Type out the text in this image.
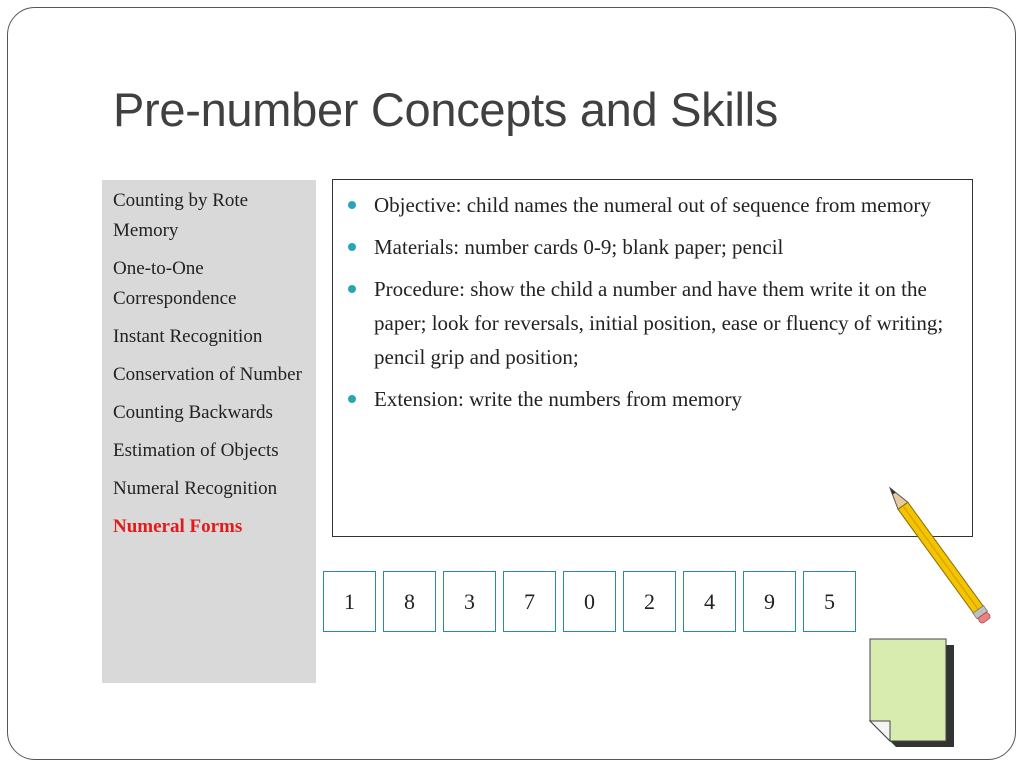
Pre-number Concepts and Skills
Counting by Rote Memory
One-to-One Correspondence
Instant Recognition
Conservation of Number
Counting Backwards
Estimation of Objects
Numeral Recognition
Numeral Forms
Objective: child names the numeral out of sequence from memory
Materials: number cards 0-9; blank paper; pencil
Procedure: show the child a number and have them write it on the paper; look for reversals, initial position, ease or fluency of writing; pencil grip and position;
Extension: write the numbers from memory
1	8	3	7	0	2	4	9	5
